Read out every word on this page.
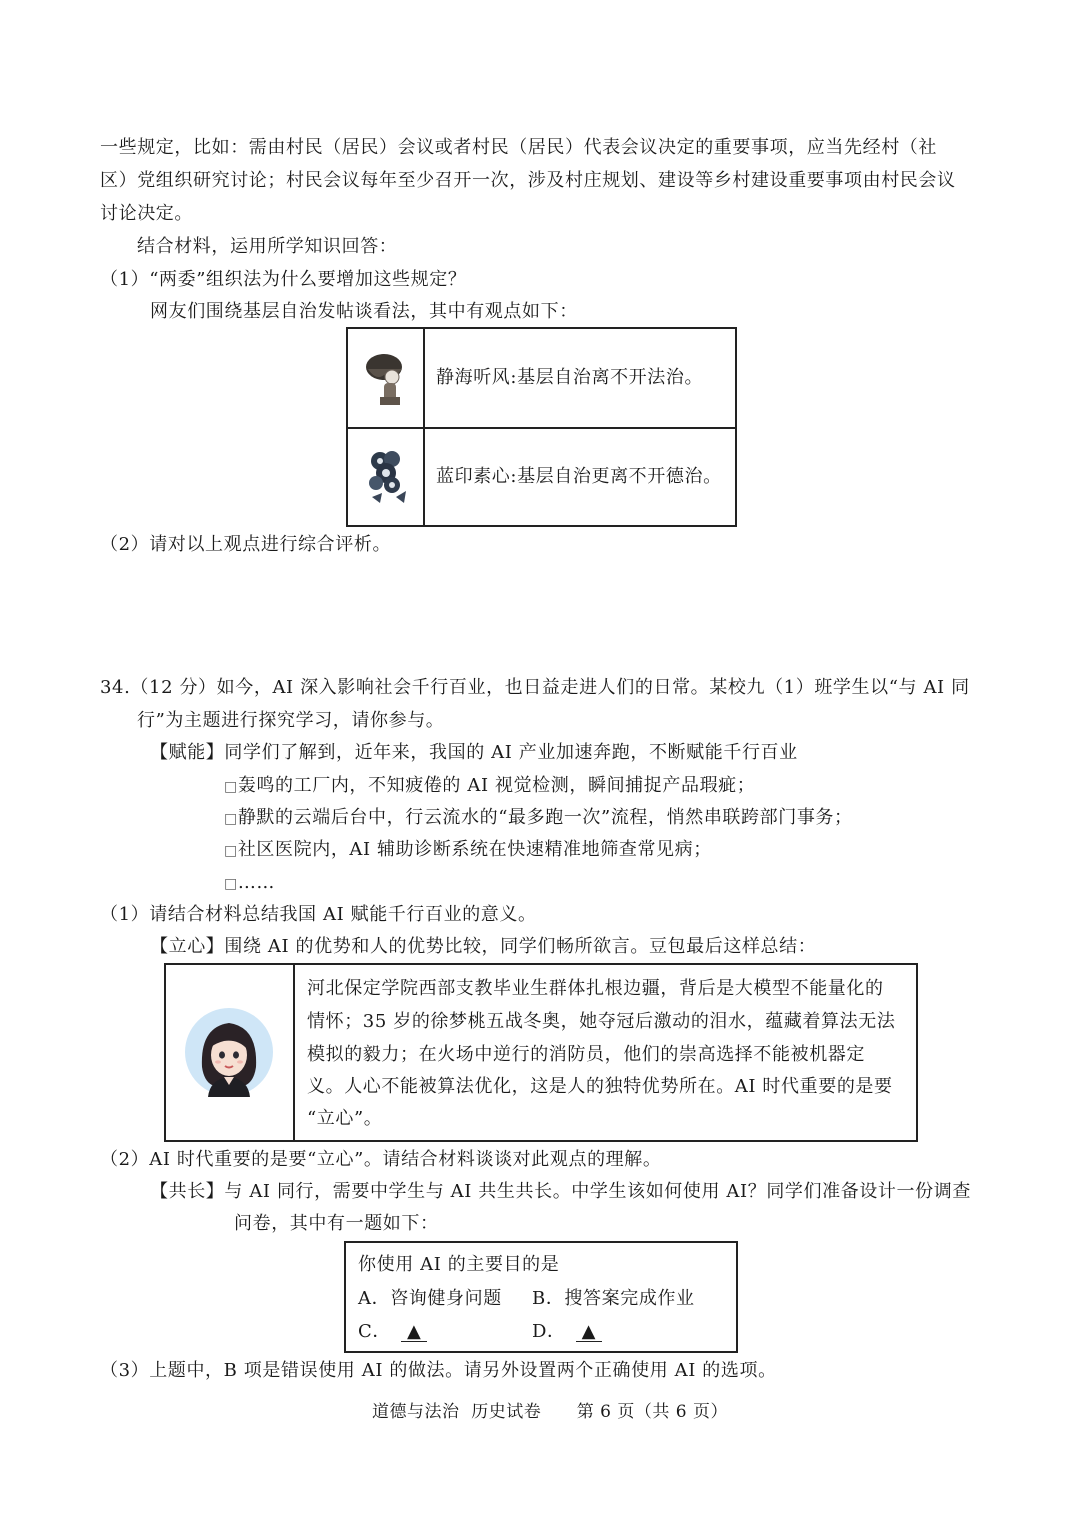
一些规定，比如：需由村民（居民）会议或者村民（居民）代表会议决定的重要事项，应当先经村（社
区）党组织研究讨论；村民会议每年至少召开一次，涉及村庄规划、建设等乡村建设重要事项由村民会议
讨论决定。
结合材料，运用所学知识回答：
（1）“两委”组织法为什么要增加这些规定？
网友们围绕基层自治发帖谈看法，其中有观点如下：
静海听风:基层自治离不开法治。
蓝印素心:基层自治更离不开德治。
（2）请对以上观点进行综合评析。
34.（12 分）如今，AI 深入影响社会千行百业，也日益走进人们的日常。某校九（1）班学生以“与 AI 同
行”为主题进行探究学习，请你参与。
【赋能】同学们了解到，近年来，我国的 AI 产业加速奔跑，不断赋能千行百业
□轰鸣的工厂内，不知疲倦的 AI 视觉检测，瞬间捕捉产品瑕疵；
□静默的云端后台中，行云流水的“最多跑一次”流程，悄然串联跨部门事务；
□社区医院内，AI 辅助诊断系统在快速精准地筛查常见病；
□……
（1）请结合材料总结我国 AI 赋能千行百业的意义。
【立心】围绕 AI 的优势和人的优势比较，同学们畅所欲言。豆包最后这样总结：
河北保定学院西部支教毕业生群体扎根边疆，背后是大模型不能量化的
情怀；35 岁的徐梦桃五战冬奥，她夺冠后激动的泪水，蕴藏着算法无法
模拟的毅力；在火场中逆行的消防员，他们的崇高选择不能被机器定
义。人心不能被算法优化，这是人的独特优势所在。AI 时代重要的是要
“立心”。
（2）AI 时代重要的是要“立心”。请结合材料谈谈对此观点的理解。
【共长】与 AI 同行，需要中学生与 AI 共生共长。中学生该如何使用 AI？同学们准备设计一份调查
问卷，其中有一题如下：
你使用 AI 的主要目的是
A．咨询健身问题 B．搜答案完成作业
C． ▲	D． ▲
（3）上题中，B 项是错误使用 AI 的做法。请另外设置两个正确使用 AI 的选项。
道德与法治  历史试卷      第 6 页（共 6 页）
